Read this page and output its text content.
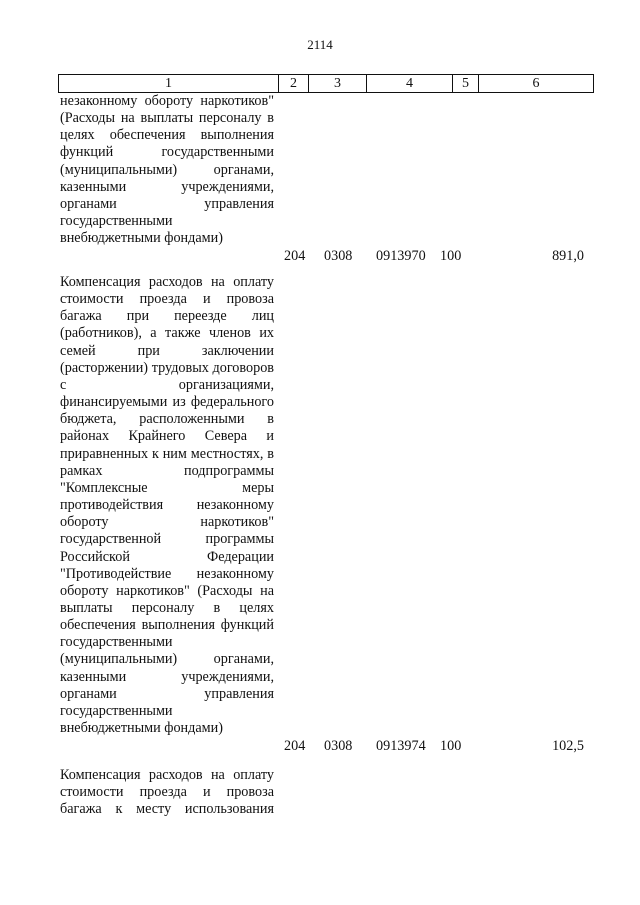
2114
1	2	3	4	5	6
незаконному обороту наркотиков" (Расходы на выплаты персоналу в целях обеспечения выполнения функций государственными (муниципальными) органами, казенными учреждениями, органами управления
государственными
внебюджетными фондами)
204 0308 0913970 100	891,0
Компенсация расходов на оплату стоимости проезда и провоза багажа при переезде лиц (работников), а также членов их семей при заключении (расторжении) трудовых договоров с организациями, финансируемыми из федерального бюджета, расположенными в районах Крайнего Севера и приравненных к ним местностях, в рамках подпрограммы "Комплексные меры противодействия незаконному обороту наркотиков" государственной программы Российской Федерации "Противодействие незаконному обороту наркотиков" (Расходы на выплаты персоналу в целях обеспечения выполнения функций государственными (муниципальными) органами, казенными учреждениями, органами управления
государственными
внебюджетными фондами)
204 0308 0913974 100	102,5
Компенсация расходов на оплату стоимости проезда и провоза багажа к месту использования
